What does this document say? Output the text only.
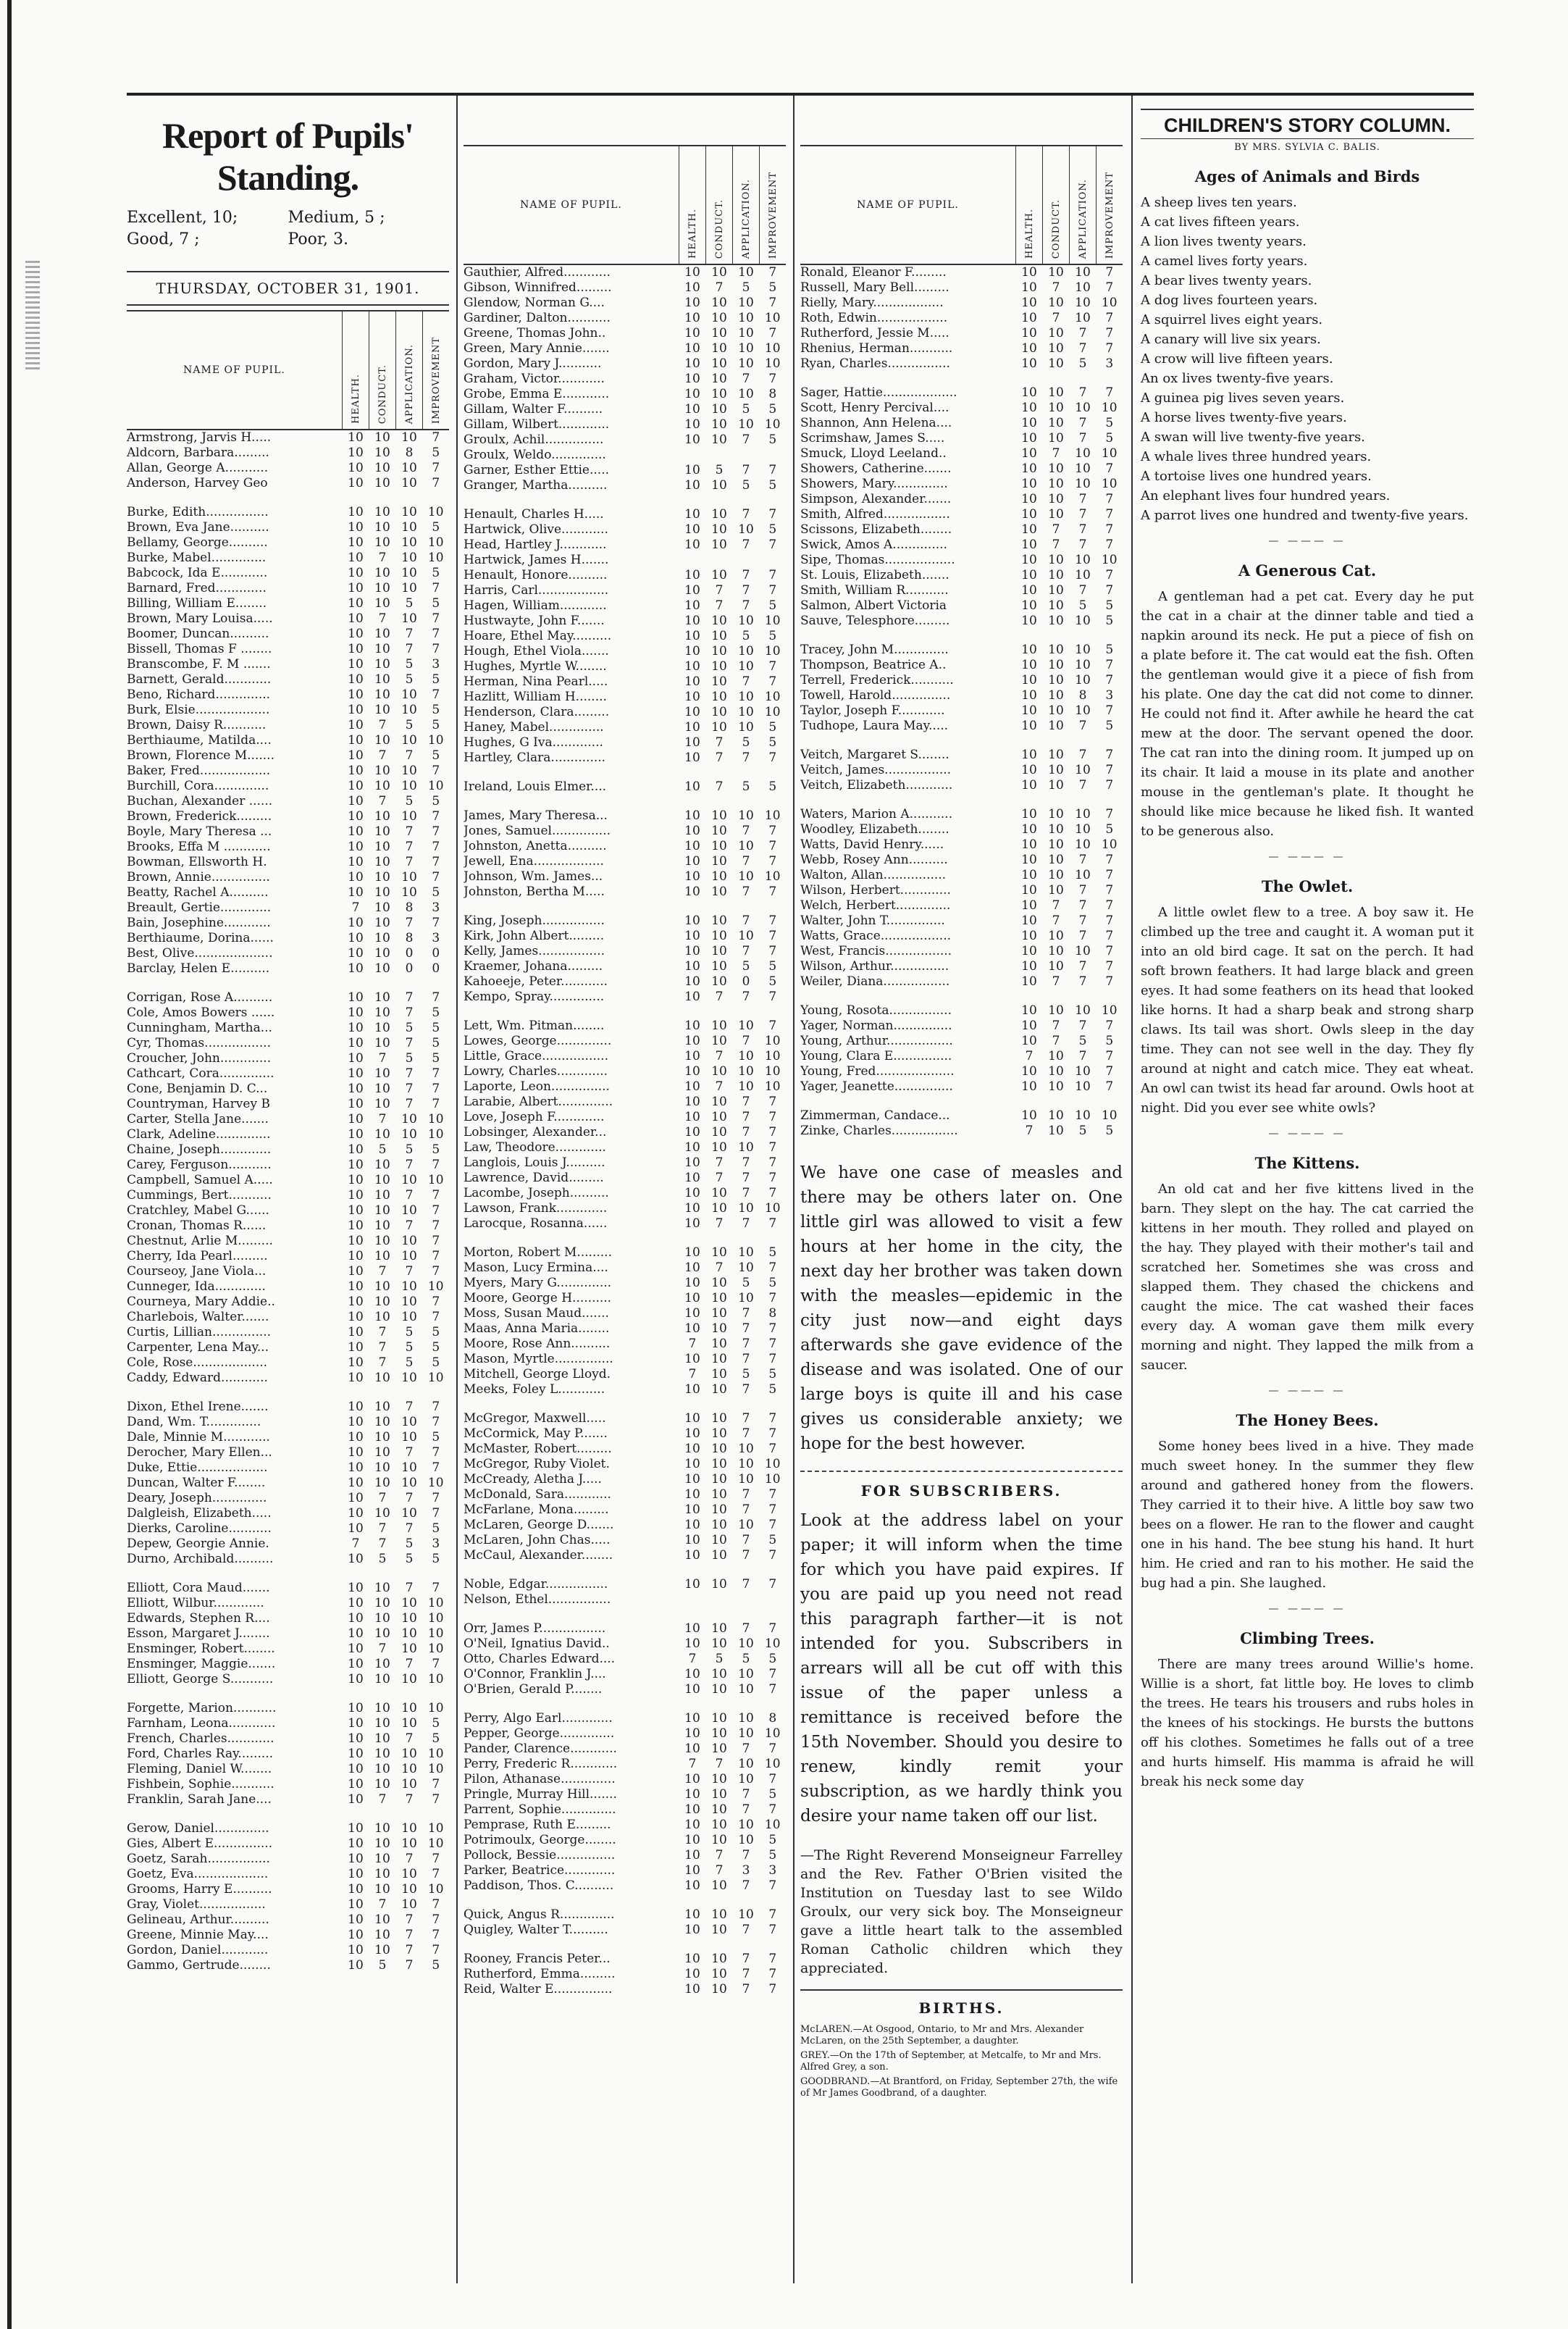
Report of Pupils' Standing.
Excellent, 10;	Medium, 5 ;
Good, 7 ;	Poor, 3.
THURSDAY, OCTOBER 31, 1901.
NAME OF PUPIL.	HEALTH.	CONDUCT.	APPLICATION.	IMPROVEMENT

Armstrong, Jarvis H.....	10	10	10	7
Aldcorn, Barbara.........	10	10	8	5
Allan, George A...........	10	10	10	7
Anderson, Harvey Geo	10	10	10	7

Burke, Edith................	10	10	10	10
Brown, Eva Jane..........	10	10	10	5
Bellamy, George..........	10	10	10	10
Burke, Mabel..............	10	7	10	10
Babcock, Ida E............	10	10	10	5
Barnard, Fred.............	10	10	10	7
Billing, William E........	10	10	5	5
Brown, Mary Louisa.....	10	7	10	7
Boomer, Duncan..........	10	10	7	7
Bissell, Thomas F ........	10	10	7	7
Branscombe, F. M .......	10	10	5	3
Barnett, Gerald............	10	10	5	5
Beno, Richard..............	10	10	10	7
Burk, Elsie...................	10	10	10	5
Brown, Daisy R...........	10	7	5	5
Berthiaume, Matilda....	10	10	10	10
Brown, Florence M.......	10	7	7	5
Baker, Fred..................	10	10	10	7
Burchill, Cora..............	10	10	10	10
Buchan, Alexander ......	10	7	5	5
Brown, Frederick.........	10	10	10	7
Boyle, Mary Theresa ...	10	10	7	7
Brooks, Effa M ............	10	10	7	7
Bowman, Ellsworth H.	10	10	7	7
Brown, Annie...............	10	10	10	7
Beatty, Rachel A..........	10	10	10	5
Breault, Gertie.............	7	10	8	3
Bain, Josephine............	10	10	7	7
Berthiaume, Dorina......	10	10	8	3
Best, Olive....................	10	10	0	0
Barclay, Helen E..........	10	10	0	0

Corrigan, Rose A..........	10	10	7	7
Cole, Amos Bowers ......	10	10	7	5
Cunningham, Martha...	10	10	5	5
Cyr, Thomas.................	10	10	7	5
Croucher, John.............	10	7	5	5
Cathcart, Cora..............	10	10	7	7
Cone, Benjamin D. C...	10	10	7	7
Countryman, Harvey B	10	10	7	7
Carter, Stella Jane.......	10	7	10	10
Clark, Adeline..............	10	10	10	10
Chaine, Joseph.............	10	5	5	5
Carey, Ferguson...........	10	10	7	7
Campbell, Samuel A.....	10	10	10	10
Cummings, Bert...........	10	10	7	7
Cratchley, Mabel G......	10	10	10	7
Cronan, Thomas R......	10	10	7	7
Chestnut, Arlie M.........	10	10	10	7
Cherry, Ida Pearl.........	10	10	10	7
Courseoy, Jane Viola...	10	7	7	7
Cunneger, Ida.............	10	10	10	10
Courneya, Mary Addie..	10	10	10	7
Charlebois, Walter.......	10	10	10	7
Curtis, Lillian...............	10	7	5	5
Carpenter, Lena May...	10	7	5	5
Cole, Rose...................	10	7	5	5
Caddy, Edward............	10	10	10	10

Dixon, Ethel Irene.......	10	10	7	7
Dand, Wm. T..............	10	10	10	7
Dale, Minnie M............	10	10	10	5
Derocher, Mary Ellen...	10	10	7	7
Duke, Ettie..................	10	10	10	7
Duncan, Walter F........	10	10	10	10
Deary, Joseph..............	10	7	7	7
Dalgleish, Elizabeth.....	10	10	10	7
Dierks, Caroline...........	10	7	7	5
Depew, Georgie Annie.	7	7	5	3
Durno, Archibald..........	10	5	5	5

Elliott, Cora Maud.......	10	10	7	7
Elliott, Wilbur.............	10	10	10	10
Edwards, Stephen R....	10	10	10	10
Esson, Margaret J........	10	10	10	10
Ensminger, Robert........	10	7	10	10
Ensminger, Maggie.......	10	10	7	7
Elliott, George S...........	10	10	10	10

Forgette, Marion...........	10	10	10	10
Farnham, Leona............	10	10	10	5
French, Charles............	10	10	7	5
Ford, Charles Ray.........	10	10	10	10
Fleming, Daniel W........	10	10	10	10
Fishbein, Sophie...........	10	10	10	7
Franklin, Sarah Jane....	10	7	7	7

Gerow, Daniel..............	10	10	10	10
Gies, Albert E...............	10	10	10	10
Goetz, Sarah................	10	10	7	7
Goetz, Eva...................	10	10	10	7
Grooms, Harry E..........	10	10	10	10
Gray, Violet.................	10	7	10	7
Gelineau, Arthur..........	10	10	7	7
Greene, Minnie May....	10	10	7	7
Gordon, Daniel............	10	10	7	7
Gammo, Gertrude........	10	5	7	5
NAME OF PUPIL.	HEALTH.	CONDUCT.	APPLICATION.	IMPROVEMENT

Gauthier, Alfred............	10	10	10	7
Gibson, Winnifred.........	10	7	5	5
Glendow, Norman G....	10	10	10	7
Gardiner, Dalton...........	10	10	10	10
Greene, Thomas John..	10	10	10	7
Green, Mary Annie.......	10	10	10	10
Gordon, Mary J...........	10	10	10	10
Graham, Victor............	10	10	7	7
Grobe, Emma E............	10	10	10	8
Gillam, Walter F..........	10	10	5	5
Gillam, Wilbert.............	10	10	10	10
Groulx, Achil...............	10	10	7	5
Groulx, Weldo..............				
Garner, Esther Ettie.....	10	5	7	7
Granger, Martha..........	10	10	5	5

Henault, Charles H.....	10	10	7	7
Hartwick, Olive............	10	10	10	5
Head, Hartley J............	10	10	7	7
Hartwick, James H.......				
Henault, Honore..........	10	10	7	7
Harris, Carl..................	10	7	7	7
Hagen, William............	10	7	7	5
Hustwayte, John F.......	10	10	10	10
Hoare, Ethel May..........	10	10	5	5
Hough, Ethel Viola.......	10	10	10	10
Hughes, Myrtle W........	10	10	10	7
Herman, Nina Pearl.....	10	10	7	7
Hazlitt, William H........	10	10	10	10
Henderson, Clara.........	10	10	10	10
Haney, Mabel..............	10	10	10	5
Hughes, G Iva.............	10	7	5	5
Hartley, Clara..............	10	7	7	7

Ireland, Louis Elmer....	10	7	5	5

James, Mary Theresa...	10	10	10	10
Jones, Samuel...............	10	10	7	7
Johnston, Anetta..........	10	10	10	7
Jewell, Ena..................	10	10	7	7
Johnson, Wm. James...	10	10	10	10
Johnston, Bertha M.....	10	10	7	7

King, Joseph................	10	10	7	7
Kirk, John Albert.........	10	10	10	7
Kelly, James.................	10	10	7	7
Kraemer, Johana.........	10	10	5	5
Kahoeeje, Peter............	10	10	0	5
Kempo, Spray..............	10	7	7	7

Lett, Wm. Pitman........	10	10	10	7
Lowes, George..............	10	10	7	10
Little, Grace.................	10	7	10	10
Lowry, Charles.............	10	10	10	10
Laporte, Leon...............	10	7	10	10
Larabie, Albert..............	10	10	7	7
Love, Joseph F.............	10	10	7	7
Lobsinger, Alexander...	10	10	7	7
Law, Theodore.............	10	10	10	7
Langlois, Louis J..........	10	7	7	7
Lawrence, David.........	10	7	7	7
Lacombe, Joseph..........	10	10	7	7
Lawson, Frank.............	10	10	10	10
Larocque, Rosanna......	10	7	7	7

Morton, Robert M.........	10	10	10	5
Mason, Lucy Ermina....	10	7	10	7
Myers, Mary G..............	10	10	5	5
Moore, George H..........	10	10	10	7
Moss, Susan Maud.......	10	10	7	8
Maas, Anna Maria........	10	10	7	7
Moore, Rose Ann..........	7	10	7	7
Mason, Myrtle...............	10	10	7	7
Mitchell, George Lloyd.	7	10	5	5
Meeks, Foley L............	10	10	7	5

McGregor, Maxwell.....	10	10	7	7
McCormick, May P.......	10	10	7	7
McMaster, Robert.........	10	10	10	7
McGregor, Ruby Violet.	10	10	10	10
McCready, Aletha J.....	10	10	10	10
McDonald, Sara............	10	10	7	7
McFarlane, Mona.........	10	10	7	7
McLaren, George D.......	10	10	10	7
McLaren, John Chas.....	10	10	7	5
McCaul, Alexander........	10	10	7	7

Noble, Edgar................	10	10	7	7
Nelson, Ethel................				

Orr, James P.................	10	10	7	7
O'Neil, Ignatius David..	10	10	10	10
Otto, Charles Edward....	7	5	5	5
O'Connor, Franklin J....	10	10	10	7
O'Brien, Gerald P........	10	10	10	7

Perry, Algo Earl.............	10	10	10	8
Pepper, George..............	10	10	10	10
Pander, Clarence............	10	10	7	7
Perry, Frederic R............	7	7	10	10
Pilon, Athanase..............	10	10	10	7
Pringle, Murray Hill.......	10	10	7	5
Parrent, Sophie..............	10	10	7	7
Pemprase, Ruth E.........	10	10	10	10
Potrimoulx, George........	10	10	10	5
Pollock, Bessie...............	10	7	7	5
Parker, Beatrice.............	10	7	3	3
Paddison, Thos. C..........	10	10	7	7

Quick, Angus R..............	10	10	10	7
Quigley, Walter T..........	10	10	7	7

Rooney, Francis Peter...	10	10	7	7
Rutherford, Emma.........	10	10	7	7
Reid, Walter E...............	10	10	7	7
NAME OF PUPIL.	HEALTH.	CONDUCT.	APPLICATION.	IMPROVEMENT

Ronald, Eleanor F.........	10	10	10	7
Russell, Mary Bell.........	10	7	10	7
Rielly, Mary..................	10	10	10	10
Roth, Edwin..................	10	7	10	7
Rutherford, Jessie M.....	10	10	7	7
Rhenius, Herman...........	10	10	7	7
Ryan, Charles................	10	10	5	3

Sager, Hattie...................	10	10	7	7
Scott, Henry Percival....	10	10	10	10
Shannon, Ann Helena....	10	10	7	5
Scrimshaw, James S.....	10	10	7	5
Smuck, Lloyd Leeland..	10	7	10	10
Showers, Catherine.......	10	10	10	7
Showers, Mary..............	10	10	10	10
Simpson, Alexander.......	10	10	7	7
Smith, Alfred.................	10	10	7	7
Scissons, Elizabeth........	10	7	7	7
Swick, Amos A..............	10	7	7	7
Sipe, Thomas..................	10	10	10	10
St. Louis, Elizabeth.......	10	10	10	7
Smith, William R...........	10	10	7	7
Salmon, Albert Victoria	10	10	5	5
Sauve, Telesphore.........	10	10	10	5

Tracey, John M..............	10	10	10	5
Thompson, Beatrice A..	10	10	10	7
Terrell, Frederick...........	10	10	10	7
Towell, Harold...............	10	10	8	3
Taylor, Joseph F............	10	10	10	7
Tudhope, Laura May.....	10	10	7	5

Veitch, Margaret S........	10	10	7	7
Veitch, James.................	10	10	10	7
Veitch, Elizabeth............	10	10	7	7

Waters, Marion A...........	10	10	10	7
Woodley, Elizabeth........	10	10	10	5
Watts, David Henry......	10	10	10	10
Webb, Rosey Ann..........	10	10	7	7
Walton, Allan................	10	10	10	7
Wilson, Herbert.............	10	10	7	7
Welch, Herbert..............	10	7	7	7
Walter, John T...............	10	7	7	7
Watts, Grace..................	10	10	7	7
West, Francis.................	10	10	10	7
Wilson, Arthur...............	10	10	7	7
Weiler, Diana.................	10	7	7	7

Young, Rosota................	10	10	10	10
Yager, Norman...............	10	7	7	7
Young, Arthur.................	10	7	5	5
Young, Clara E...............	7	10	7	7
Young, Fred....................	10	10	10	7
Yager, Jeanette...............	10	10	10	7

Zimmerman, Candace...	10	10	10	10
Zinke, Charles.................	7	10	5	5
We have one case of measles and there may be others later on. One little girl was allowed to visit a few hours at her home in the city, the next day her brother was taken down with the measles—epidemic in the city just now—and eight days afterwards she gave evidence of the disease and was isolated. One of our large boys is quite ill and his case gives us considerable anxiety; we hope for the best however.
FOR SUBSCRIBERS.
Look at the address label on your paper; it will inform when the time for which you have paid expires. If you are paid up you need not read this paragraph farther—it is not intended for you. Subscribers in arrears will all be cut off with this issue of the paper unless a remittance is received before the 15th November. Should you desire to renew, kindly remit your subscription, as we hardly think you desire your name taken off our list.
—The Right Reverend Monseigneur Farrelley and the Rev. Father O'Brien visited the Institution on Tuesday last to see Wildo Groulx, our very sick boy. The Monseigneur gave a little heart talk to the assembled Roman Catholic children which they appreciated.
BIRTHS.

McLAREN.—At Osgood, Ontario, to Mr and Mrs. Alexander McLaren, on the 25th September, a daughter.

GREY.—On the 17th of September, at Metcalfe, to Mr and Mrs. Alfred Grey, a son.

GOODBRAND.—At Brantford, on Friday, September 27th, the wife of Mr James Goodbrand, of a daughter.

CHILDREN'S STORY COLUMN.
BY MRS. SYLVIA C. BALIS.
Ages of Animals and Birds

A sheep lives ten years.

A cat lives fifteen years.

A lion lives twenty years.

A camel lives forty years.

A bear lives twenty years.

A dog lives fourteen years.

A squirrel lives eight years.

A canary will live six years.

A crow will live fifteen years.

An ox lives twenty-five years.

A guinea pig lives seven years.

A horse lives twenty-five years.

A swan will live twenty-five years.

A whale lives three hundred years.

A tortoise lives one hundred years.

An elephant lives four hundred years.

A parrot lives one hundred and twenty-five years.

— ——— —
A Generous Cat.

A gentleman had a pet cat. Every day he put the cat in a chair at the dinner table and tied a napkin around its neck. He put a piece of fish on a plate before it. The cat would eat the fish. Often the gentleman would give it a piece of fish from his plate. One day the cat did not come to dinner. He could not find it. After awhile he heard the cat mew at the door. The servant opened the door. The cat ran into the dining room. It jumped up on its chair. It laid a mouse in its plate and another mouse in the gentleman's plate. It thought he should like mice because he liked fish. It wanted to be generous also.

— ——— —
The Owlet.

A little owlet flew to a tree. A boy saw it. He climbed up the tree and caught it. A woman put it into an old bird cage. It sat on the perch. It had soft brown feathers. It had large black and green eyes. It had some feathers on its head that looked like horns. It had a sharp beak and strong sharp claws. Its tail was short. Owls sleep in the day time. They can not see well in the day. They fly around at night and catch mice. They eat wheat. An owl can twist its head far around. Owls hoot at night. Did you ever see white owls?

— ——— —
The Kittens.

An old cat and her five kittens lived in the barn. They slept on the hay. The cat carried the kittens in her mouth. They rolled and played on the hay. They played with their mother's tail and scratched her. Sometimes she was cross and slapped them. They chased the chickens and caught the mice. The cat washed their faces every day. A woman gave them milk every morning and night. They lapped the milk from a saucer.

— ——— —
The Honey Bees.

Some honey bees lived in a hive. They made much sweet honey. In the summer they flew around and gathered honey from the flowers. They carried it to their hive. A little boy saw two bees on a flower. He ran to the flower and caught one in his hand. The bee stung his hand. It hurt him. He cried and ran to his mother. He said the bug had a pin. She laughed.

— ——— —
Climbing Trees.

There are many trees around Willie's home. Willie is a short, fat little boy. He loves to climb the trees. He tears his trousers and rubs holes in the knees of his stockings. He bursts the buttons off his clothes. Sometimes he falls out of a tree and hurts himself. His mamma is afraid he will break his neck some day
